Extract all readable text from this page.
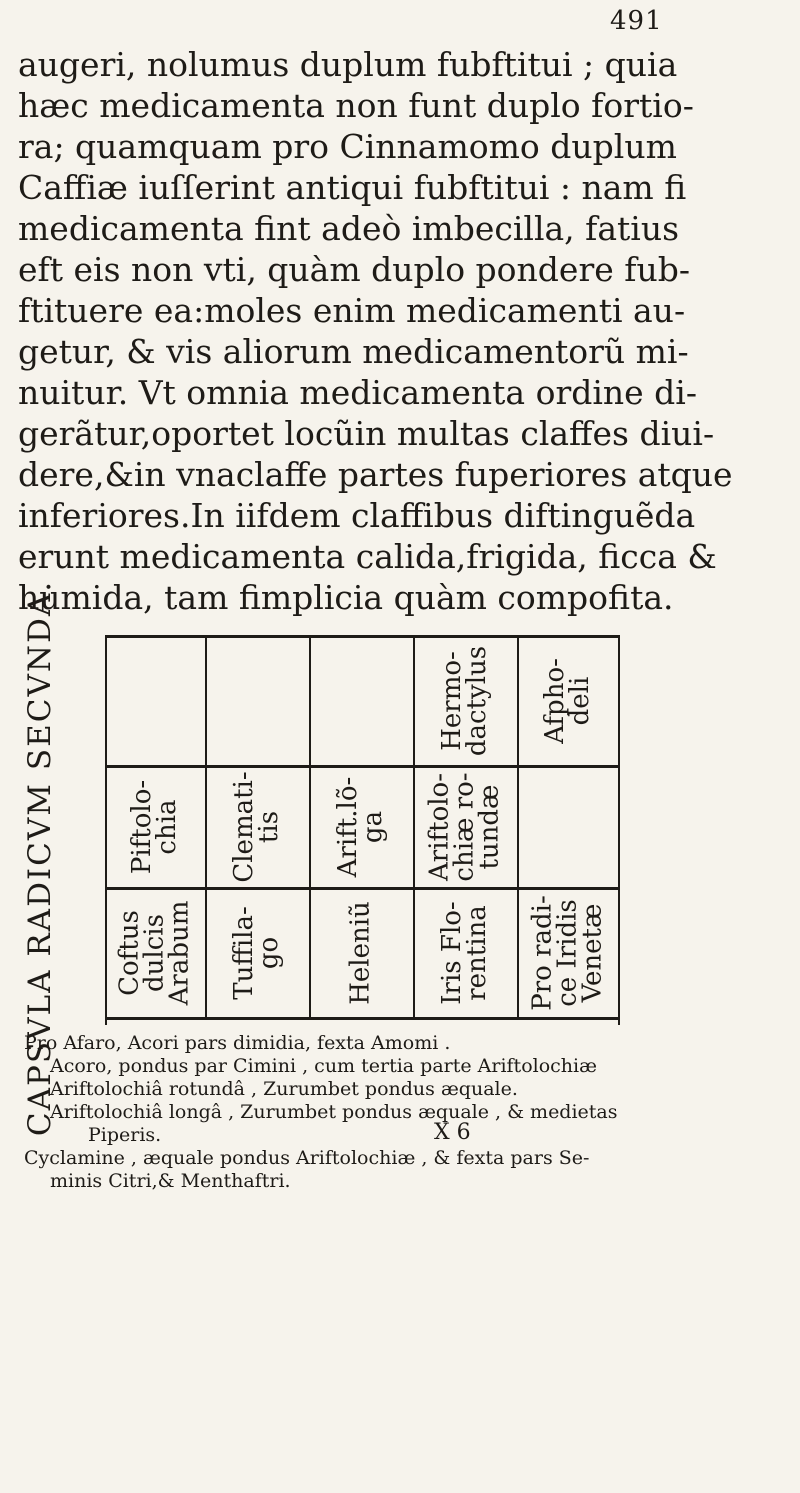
491
augeri, nolumus duplum fubftitui ; quia
hæc medicamenta non funt duplo fortio-
ra; quamquam pro Cinnamomo duplum
Caffiæ iuſſerint antiqui fubftitui : nam fi
medicamenta fint adeò imbecilla, fatius
eft eis non vti, quàm duplo pondere fub-
ftituere ea:moles enim medicamenti au-
getur, & vis aliorum medicamentorũ mi-
nuitur. Vt omnia medicamenta ordine di-
gerãtur,oportet locũin multas claffes diui-
dere,&in vnaclaffe partes fuperiores atque
inferiores.In iifdem claffibus diftinguẽda
erunt medicamenta calida,frigida, ficca &
humida, tam fimplicia quàm compofita.
CAPSVLA RADICVM SECVNDA.	Hermo-
dactylus Afpho-
deli
Piftolo-
chia Clemati-
tis Arift.lõ-
ga Ariftolo-
chiæ ro-
tundæ
Coftus
dulcis
Arabum Tuffila-
go Heleniũ Iris Flo-
rentina Pro radi-
ce Iridis
Venetæ
Pro Afaro, Acori pars dimidia, fexta Amomi .
Acoro, pondus par Cimini , cum tertia parte Ariftolochiæ
Ariftolochiâ rotundâ , Zurumbet pondus æquale.
Ariftolochiâ longâ , Zurumbet pondus æquale , & medietas
Piperis.
Cyclamine , æquale pondus Ariftolochiæ , & fexta pars Se-
minis Citri,& Menthaftri.
X 6
